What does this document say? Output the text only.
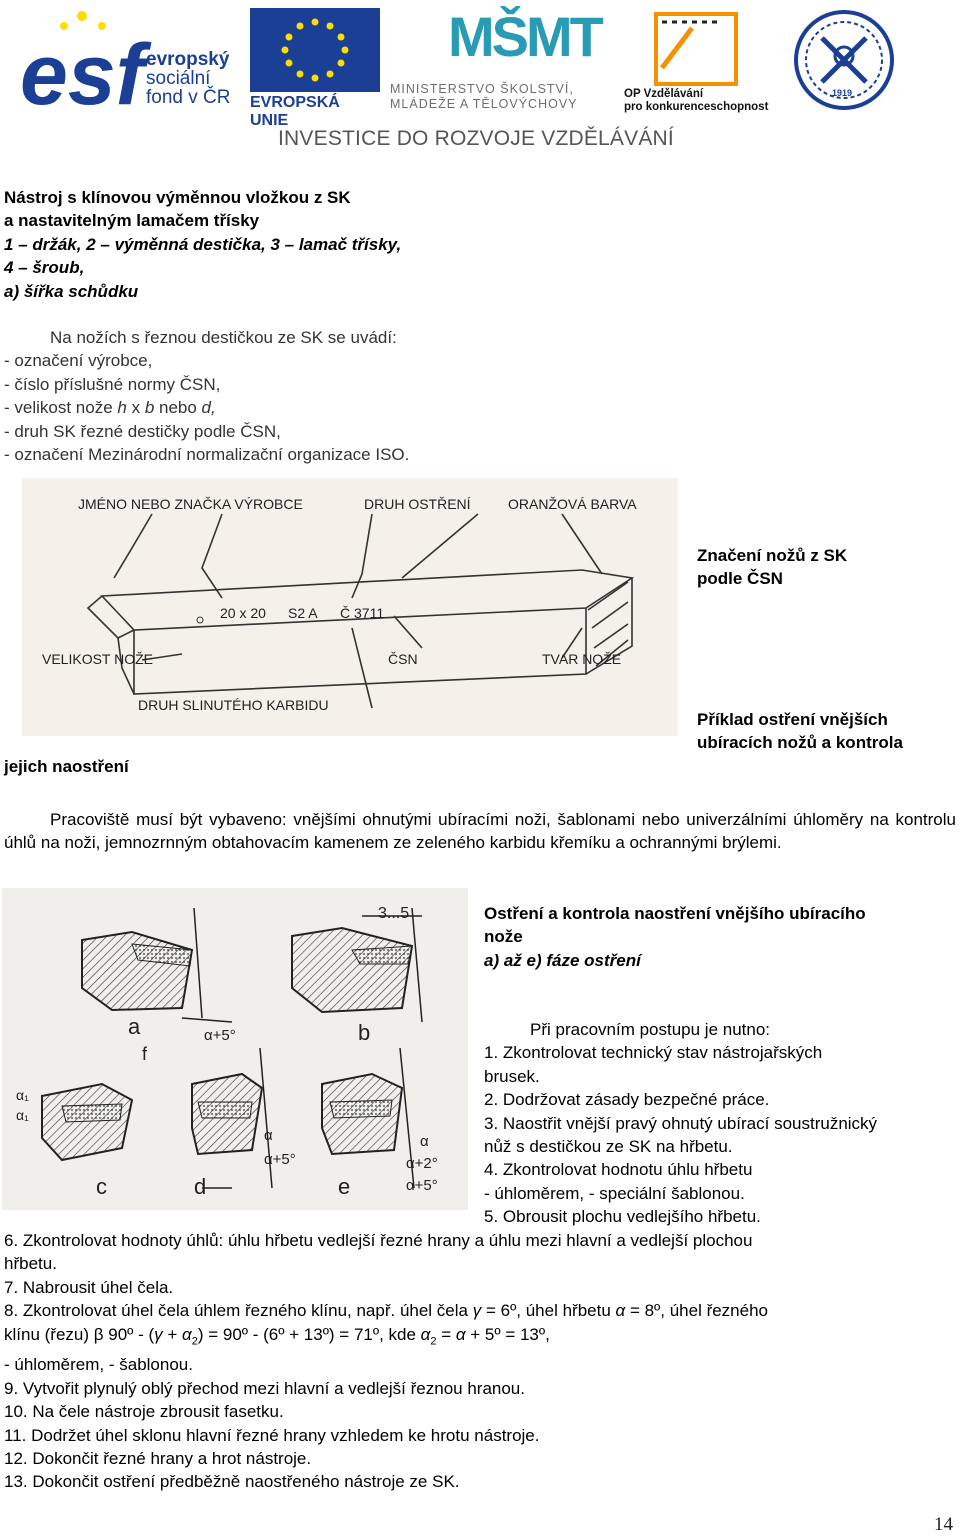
esf evropský
sociální
fond v ČR EVROPSKÁ UNIE
MŠMT
MINISTERSTVO ŠKOLSTVÍ,
MLÁDEŽE A TĚLOVÝCHOVY
OP Vzdělávání
pro konkurenceschopnost
1919
INVESTICE DO ROZVOJE VZDĚLÁVÁNÍ
Nástroj s klínovou výměnnou vložkou z SK
a nastavitelným lamačem třísky
1 – držák, 2 – výměnná destička, 3 – lamač třísky,
4 – šroub,
a) šířka schůdku
Na nožích s řeznou destičkou ze SK se uvádí:
- označení výrobce,
- číslo příslušné normy ČSN,
- velikost nože h x b nebo d,
- druh SK řezné destičky podle ČSN,
- označení Mezinárodní normalizační organizace ISO.
JMÉNO NEBO ZNAČKA VÝROBCE	DRUH OSTŘENÍ	ORANŽOVÁ BARVA
20 x 20 S2 A Č 3711
VELIKOST NOŽE	ČSN	TVAR NOŽE
DRUH SLINUTÉHO KARBIDU
Značení nožů z SK
podle ČSN
Příklad ostření vnějších
ubíracích nožů a kontrola
jejich naostření
Pracoviště musí být vybaveno: vnějšími ohnutými ubíracími noži, šablonami nebo univerzálními úhloměry na kontrolu úhlů na noži, jemnozrnným obtahovacím kamenem ze zeleného karbidu křemíku a ochrannými brýlemi.
3...5
a	b
c	d	e
f
α+5°
α
α+5°
α
α+2°
α+5°
α₁
α₁
Ostření a kontrola naostření vnějšího ubíracího
nože
a) až e) fáze ostření
Při pracovním postupu je nutno:
1. Zkontrolovat technický stav nástrojařských
brusek.
2. Dodržovat zásady bezpečné práce.
3. Naostřit vnější pravý ohnutý ubírací soustružnický
nůž s destičkou ze SK na hřbetu.
4. Zkontrolovat hodnotu úhlu hřbetu
- úhloměrem, - speciální šablonou.
5. Obrousit plochu vedlejšího hřbetu.
6. Zkontrolovat hodnoty úhlů: úhlu hřbetu vedlejší řezné hrany a úhlu mezi hlavní a vedlejší plochou
hřbetu.
7. Nabrousit úhel čela.
8. Zkontrolovat úhel čela úhlem řezného klínu, např. úhel čela γ = 6º, úhel hřbetu α = 8º, úhel řezného
klínu (řezu) β 90º - $(\gamma + \alpha_2)$ = 90º - (6º + 13º) = 71º, kde $\alpha_2 = \alpha$ + 5º = 13º,
- úhloměrem, - šablonou.
9. Vytvořit plynulý oblý přechod mezi hlavní a vedlejší řeznou hranou.
10. Na čele nástroje zbrousit fasetku.
11. Dodržet úhel sklonu hlavní řezné hrany vzhledem ke hrotu nástroje.
12. Dokončit řezné hrany a hrot nástroje.
13. Dokončit ostření předběžně naostřeného nástroje ze SK.
14
